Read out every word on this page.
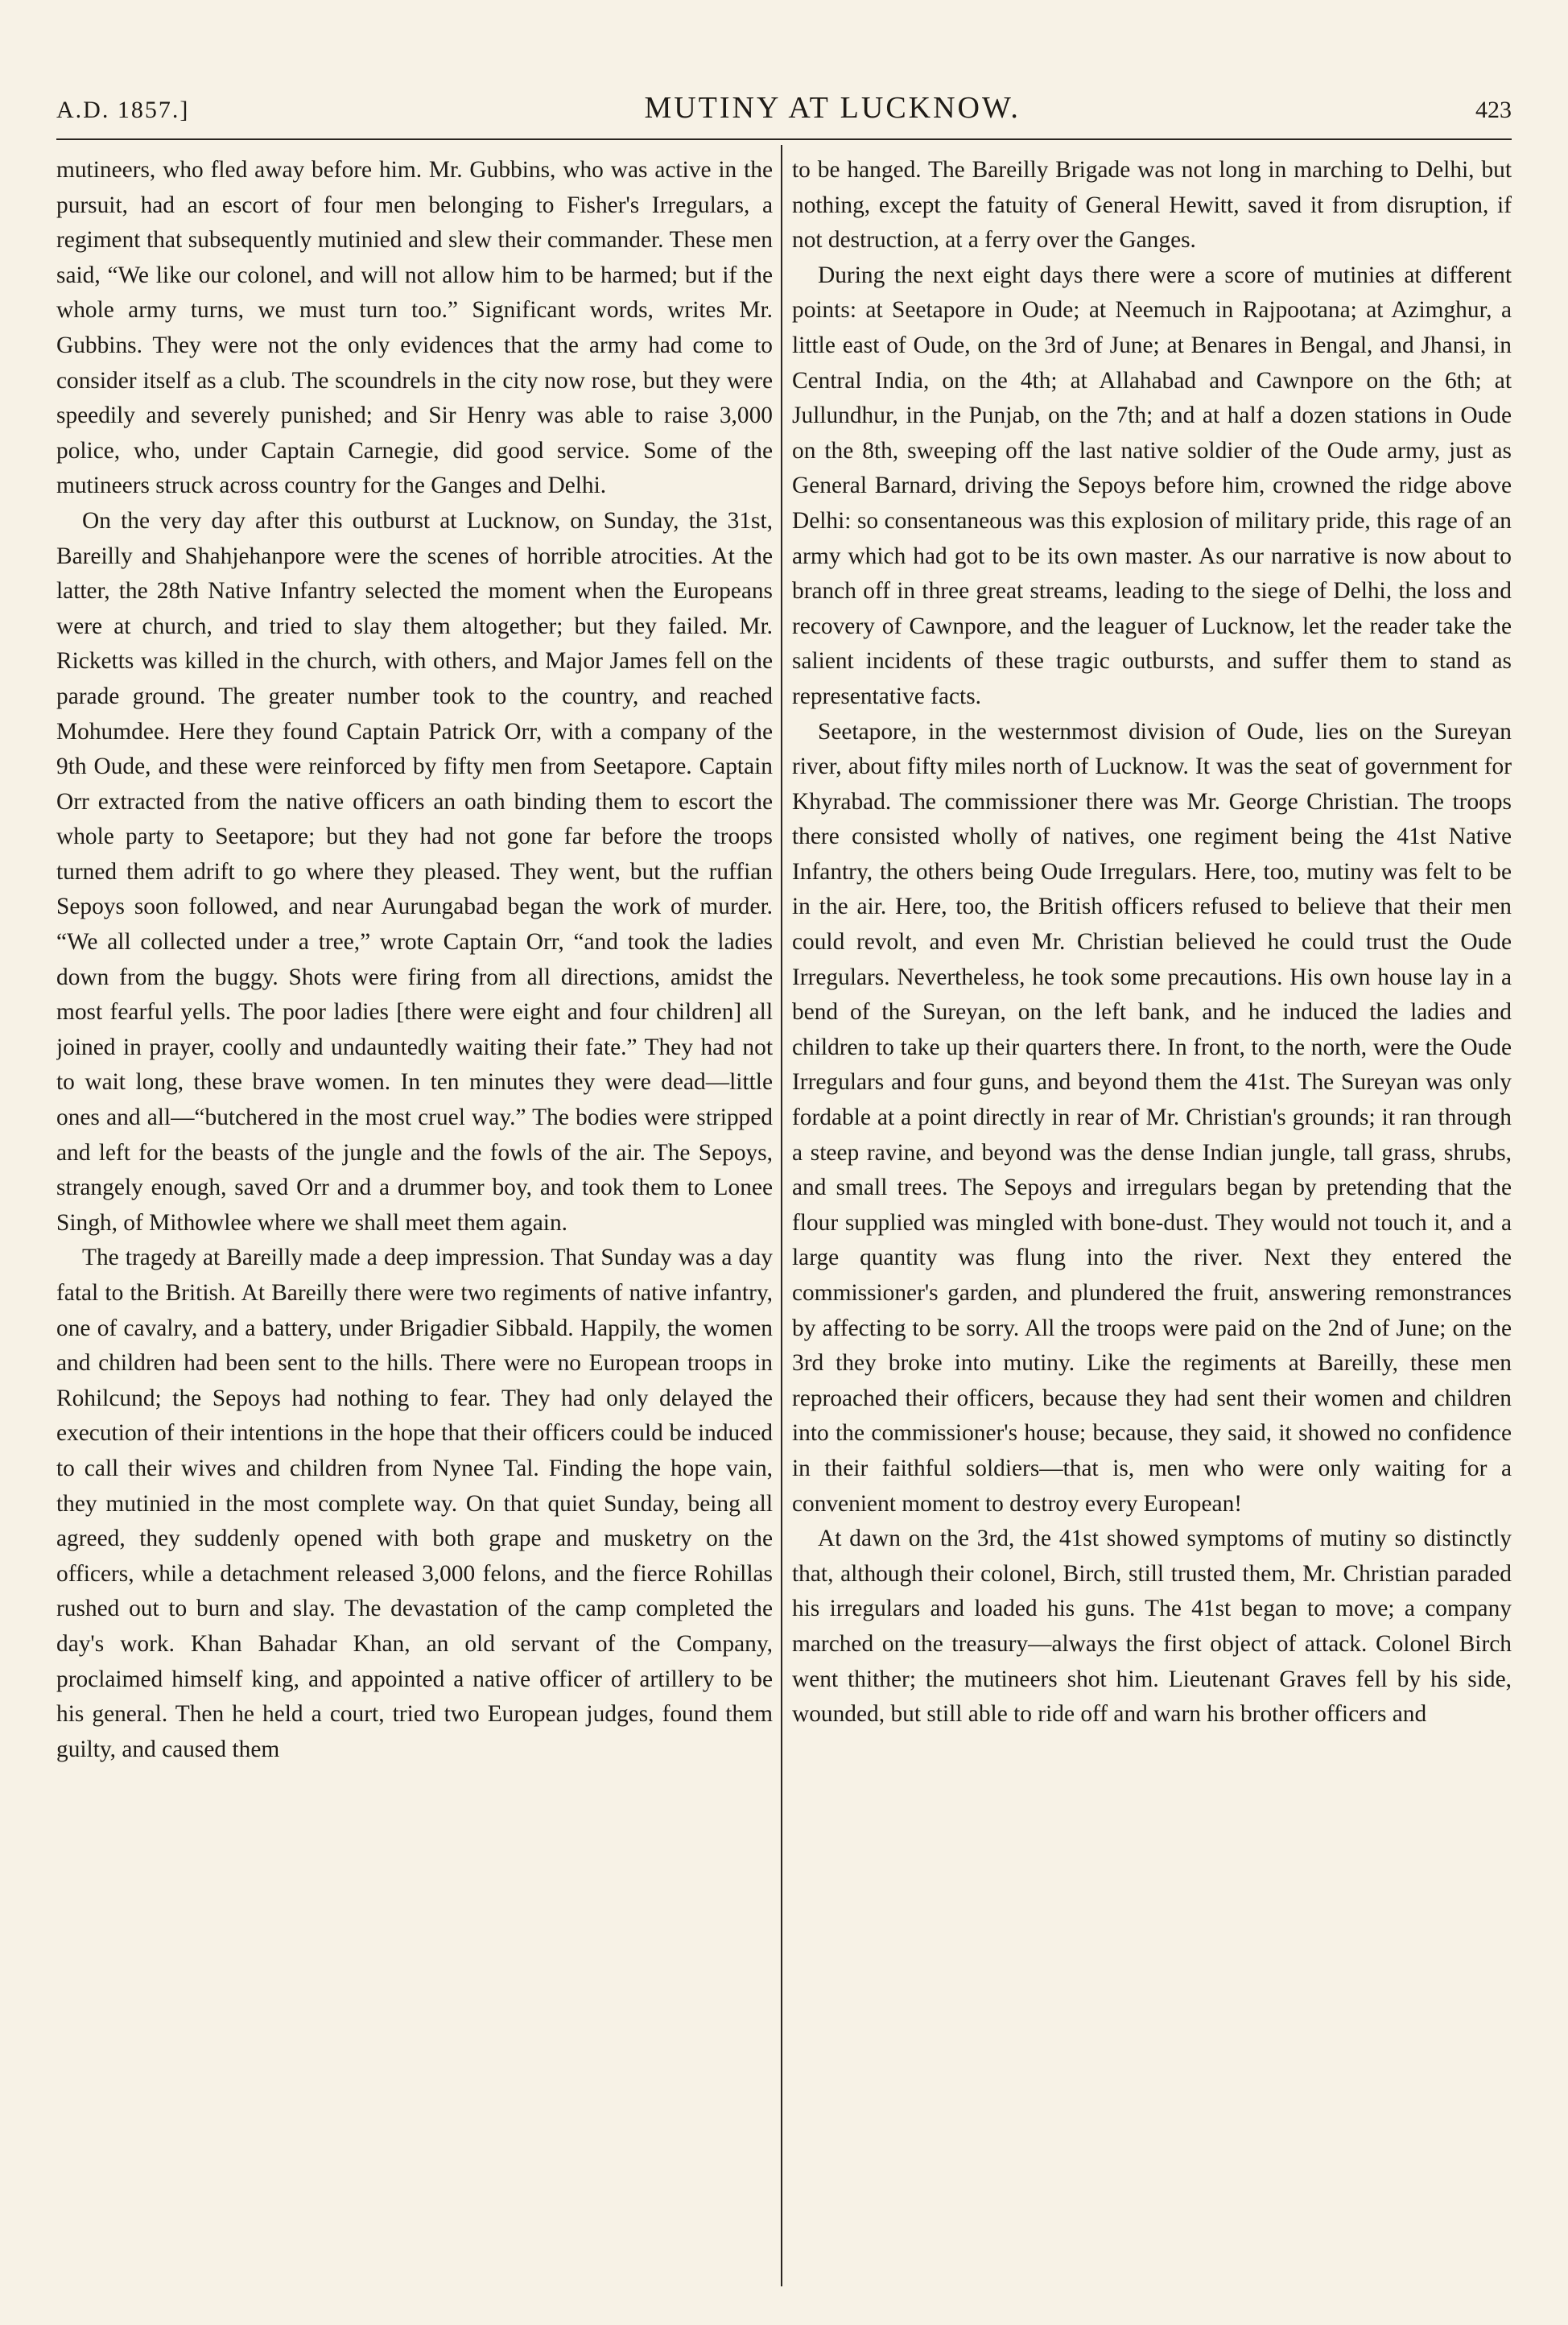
A.D. 1857.]	MUTINY AT LUCKNOW.	423

mutineers, who fled away before him. Mr. Gubbins, who was active in the pursuit, had an escort of four men belonging to Fisher's Irregulars, a regiment that subsequently mutinied and slew their commander. These men said, “We like our colonel, and will not allow him to be harmed; but if the whole army turns, we must turn too.” Significant words, writes Mr. Gubbins. They were not the only evidences that the army had come to consider itself as a club. The scoundrels in the city now rose, but they were speedily and severely punished; and Sir Henry was able to raise 3,000 police, who, under Captain Carnegie, did good service. Some of the mutineers struck across country for the Ganges and Delhi.

On the very day after this outburst at Lucknow, on Sunday, the 31st, Bareilly and Shahjehanpore were the scenes of horrible atrocities. At the latter, the 28th Native Infantry selected the moment when the Europeans were at church, and tried to slay them altogether; but they failed. Mr. Ricketts was killed in the church, with others, and Major James fell on the parade ground. The greater number took to the country, and reached Mohumdee. Here they found Captain Patrick Orr, with a company of the 9th Oude, and these were reinforced by fifty men from Seetapore. Captain Orr extracted from the native officers an oath binding them to escort the whole party to Seetapore; but they had not gone far before the troops turned them adrift to go where they pleased. They went, but the ruffian Sepoys soon followed, and near Aurungabad began the work of murder. “We all collected under a tree,” wrote Captain Orr, “and took the ladies down from the buggy. Shots were firing from all directions, amidst the most fearful yells. The poor ladies [there were eight and four children] all joined in prayer, coolly and undauntedly waiting their fate.” They had not to wait long, these brave women. In ten minutes they were dead—little ones and all—“butchered in the most cruel way.” The bodies were stripped and left for the beasts of the jungle and the fowls of the air. The Sepoys, strangely enough, saved Orr and a drummer boy, and took them to Lonee Singh, of Mithowlee where we shall meet them again.

The tragedy at Bareilly made a deep impression. That Sunday was a day fatal to the British. At Bareilly there were two regiments of native infantry, one of cavalry, and a battery, under Brigadier Sibbald. Happily, the women and children had been sent to the hills. There were no European troops in Rohilcund; the Sepoys had nothing to fear. They had only delayed the execution of their intentions in the hope that their officers could be induced to call their wives and children from Nynee Tal. Finding the hope vain, they mutinied in the most complete way. On that quiet Sunday, being all agreed, they suddenly opened with both grape and musketry on the officers, while a detachment released 3,000 felons, and the fierce Rohillas rushed out to burn and slay. The devastation of the camp completed the day's work. Khan Bahadar Khan, an old servant of the Company, proclaimed himself king, and appointed a native officer of artillery to be his general. Then he held a court, tried two European judges, found them guilty, and caused them

to be hanged. The Bareilly Brigade was not long in marching to Delhi, but nothing, except the fatuity of General Hewitt, saved it from disruption, if not destruction, at a ferry over the Ganges.

During the next eight days there were a score of mutinies at different points: at Seetapore in Oude; at Neemuch in Rajpootana; at Azimghur, a little east of Oude, on the 3rd of June; at Benares in Bengal, and Jhansi, in Central India, on the 4th; at Allahabad and Cawnpore on the 6th; at Jullundhur, in the Punjab, on the 7th; and at half a dozen stations in Oude on the 8th, sweeping off the last native soldier of the Oude army, just as General Barnard, driving the Sepoys before him, crowned the ridge above Delhi: so consentaneous was this explosion of military pride, this rage of an army which had got to be its own master. As our narrative is now about to branch off in three great streams, leading to the siege of Delhi, the loss and recovery of Cawnpore, and the leaguer of Lucknow, let the reader take the salient incidents of these tragic outbursts, and suffer them to stand as representative facts.

Seetapore, in the westernmost division of Oude, lies on the Sureyan river, about fifty miles north of Lucknow. It was the seat of government for Khyrabad. The commissioner there was Mr. George Christian. The troops there consisted wholly of natives, one regiment being the 41st Native Infantry, the others being Oude Irregulars. Here, too, mutiny was felt to be in the air. Here, too, the British officers refused to believe that their men could revolt, and even Mr. Christian believed he could trust the Oude Irregulars. Nevertheless, he took some precautions. His own house lay in a bend of the Sureyan, on the left bank, and he induced the ladies and children to take up their quarters there. In front, to the north, were the Oude Irregulars and four guns, and beyond them the 41st. The Sureyan was only fordable at a point directly in rear of Mr. Christian's grounds; it ran through a steep ravine, and beyond was the dense Indian jungle, tall grass, shrubs, and small trees. The Sepoys and irregulars began by pretending that the flour supplied was mingled with bone-dust. They would not touch it, and a large quantity was flung into the river. Next they entered the commissioner's garden, and plundered the fruit, answering remonstrances by affecting to be sorry. All the troops were paid on the 2nd of June; on the 3rd they broke into mutiny. Like the regiments at Bareilly, these men reproached their officers, because they had sent their women and children into the commissioner's house; because, they said, it showed no confidence in their faithful soldiers—that is, men who were only waiting for a convenient moment to destroy every European!

At dawn on the 3rd, the 41st showed symptoms of mutiny so distinctly that, although their colonel, Birch, still trusted them, Mr. Christian paraded his irregulars and loaded his guns. The 41st began to move; a company marched on the treasury—always the first object of attack. Colonel Birch went thither; the mutineers shot him. Lieutenant Graves fell by his side, wounded, but still able to ride off and warn his brother officers and
